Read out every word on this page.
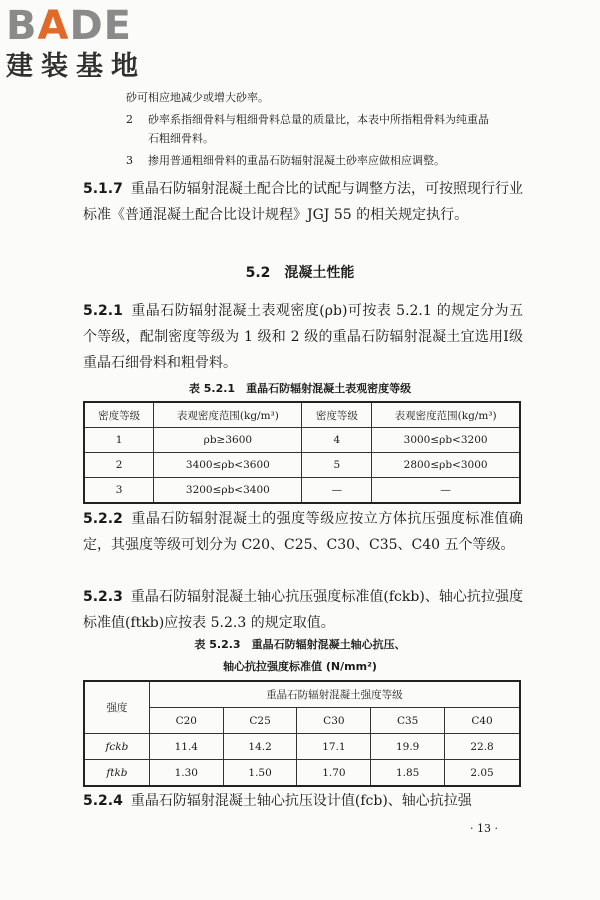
BADE
建装基地
砂可相应地减少或增大砂率。
2 砂率系指细骨料与粗细骨料总量的质量比，本表中所指粗骨料为纯重晶
石粗细骨料。
3 掺用普通粗细骨料的重晶石防辐射混凝土砂率应做相应调整。
5.1.7 重晶石防辐射混凝土配合比的试配与调整方法，可按照现行行业标准《普通混凝土配合比设计规程》JGJ 55 的相关规定执行。
5.2 混凝土性能
5.2.1 重晶石防辐射混凝土表观密度(ρb)可按表 5.2.1 的规定分为五个等级，配制密度等级为 1 级和 2 级的重晶石防辐射混凝土宜选用Ⅰ级重晶石细骨料和粗骨料。
表 5.2.1　重晶石防辐射混凝土表观密度等级
密度等级	表观密度范围(kg/m³)	密度等级	表观密度范围(kg/m³)
1	ρb≥3600	4	3000≤ρb<3200
2	3400≤ρb<3600	5	2800≤ρb<3000
3	3200≤ρb<3400	—	—
5.2.2 重晶石防辐射混凝土的强度等级应按立方体抗压强度标准值确定，其强度等级可划分为 C20、C25、C30、C35、C40 五个等级。
5.2.3 重晶石防辐射混凝土轴心抗压强度标准值(fckb)、轴心抗拉强度标准值(ftkb)应按表 5.2.3 的规定取值。
表 5.2.3　重晶石防辐射混凝土轴心抗压、
轴心抗拉强度标准值 (N/mm²)
强度	重晶石防辐射混凝土强度等级				
	C20	C25	C30	C35	C40
fckb	11.4	14.2	17.1	19.9	22.8
ftkb	1.30	1.50	1.70	1.85	2.05
5.2.4 重晶石防辐射混凝土轴心抗压设计值(fcb)、轴心抗拉强
· 13 ·
